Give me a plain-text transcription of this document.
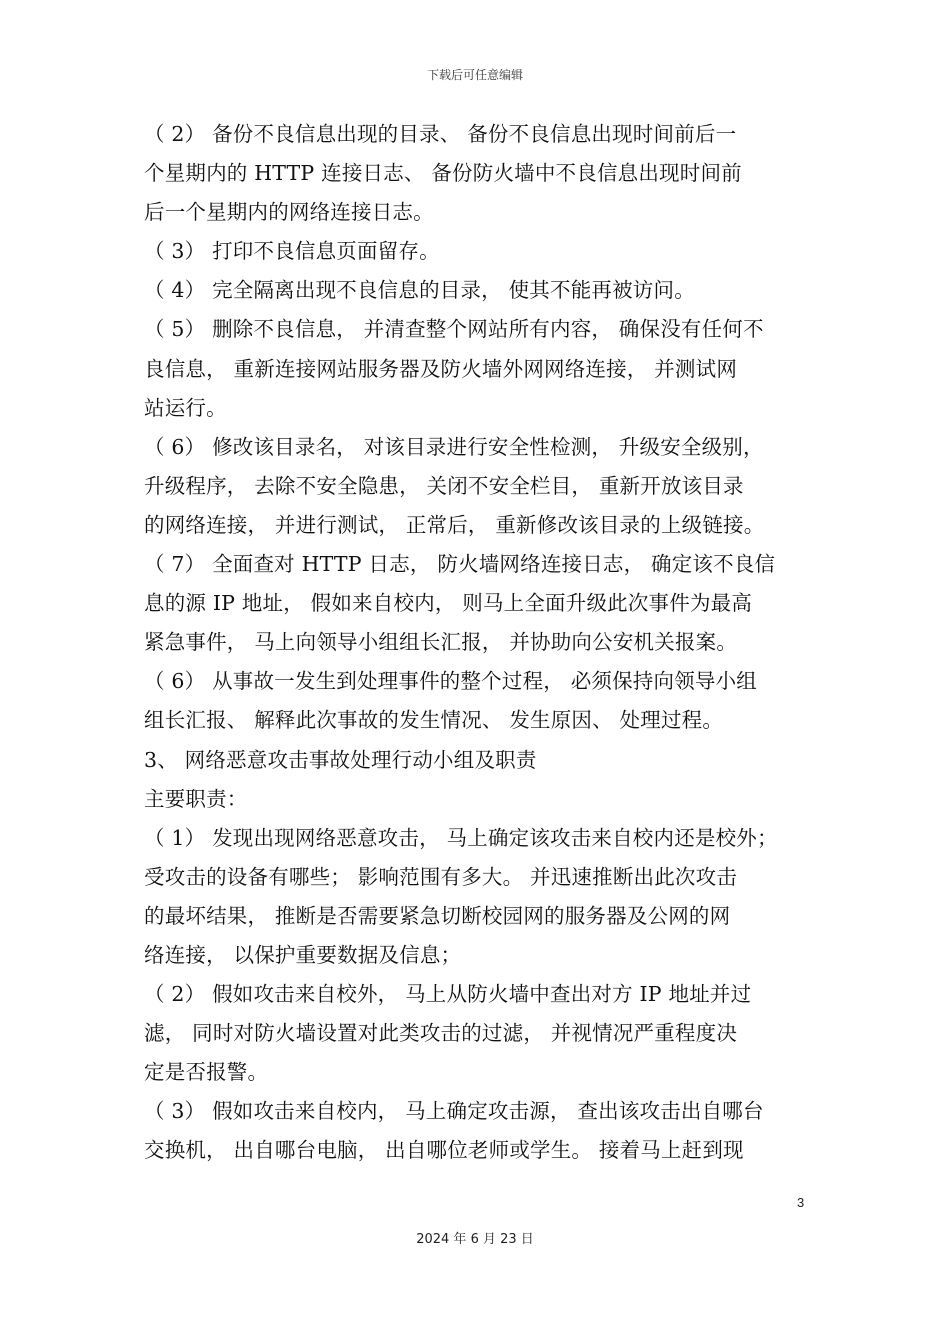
下载后可任意编辑
（ 2） 备份不良信息出现的目录、 备份不良信息出现时间前后一
个星期内的 HTTP 连接日志、 备份防火墙中不良信息出现时间前
后一个星期内的网络连接日志。
（ 3） 打印不良信息页面留存。
（ 4） 完全隔离出现不良信息的目录， 使其不能再被访问。
（ 5） 删除不良信息， 并清查整个网站所有内容， 确保没有任何不
良信息， 重新连接网站服务器及防火墙外网网络连接， 并测试网
站运行。
（ 6） 修改该目录名， 对该目录进行安全性检测， 升级安全级别，
升级程序， 去除不安全隐患， 关闭不安全栏目， 重新开放该目录
的网络连接， 并进行测试， 正常后， 重新修改该目录的上级链接。
（ 7） 全面查对 HTTP 日志， 防火墙网络连接日志， 确定该不良信
息的源 IP 地址， 假如来自校内， 则马上全面升级此次事件为最高
紧急事件， 马上向领导小组组长汇报， 并协助向公安机关报案。
（ 6） 从事故一发生到处理事件的整个过程， 必须保持向领导小组
组长汇报、 解释此次事故的发生情况、 发生原因、 处理过程。
3、 网络恶意攻击事故处理行动小组及职责
主要职责：
（ 1） 发现出现网络恶意攻击， 马上确定该攻击来自校内还是校外；
受攻击的设备有哪些； 影响范围有多大。 并迅速推断出此次攻击
的最坏结果， 推断是否需要紧急切断校园网的服务器及公网的网
络连接， 以保护重要数据及信息；
（ 2） 假如攻击来自校外， 马上从防火墙中查出对方 IP 地址并过
滤， 同时对防火墙设置对此类攻击的过滤， 并视情况严重程度决
定是否报警。
（ 3） 假如攻击来自校内， 马上确定攻击源， 查出该攻击出自哪台
交换机， 出自哪台电脑， 出自哪位老师或学生。 接着马上赶到现
3
2024 年 6 月 23 日
